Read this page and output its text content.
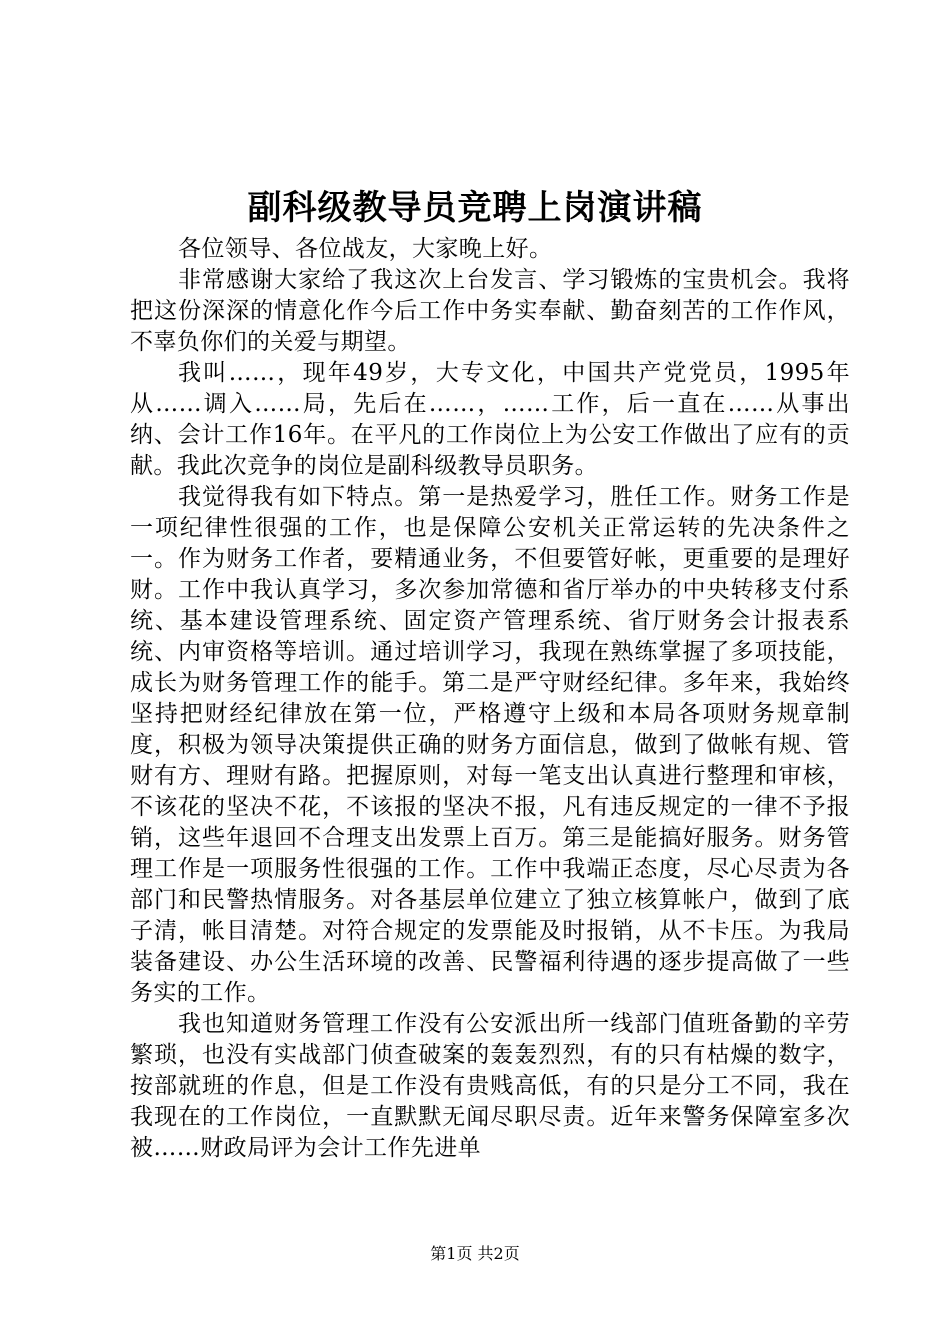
副科级教导员竞聘上岗演讲稿

各位领导、各位战友，大家晚上好。

非常感谢大家给了我这次上台发言、学习锻炼的宝贵机会。我将把这份深深的情意化作今后工作中务实奉献、勤奋刻苦的工作作风，不辜负你们的关爱与期望。

我叫……，现年49岁，大专文化，中国共产党党员，1995年从……调入……局，先后在……，……工作，后一直在……从事出纳、会计工作16年。在平凡的工作岗位上为公安工作做出了应有的贡献。我此次竞争的岗位是副科级教导员职务。

我觉得我有如下特点。第一是热爱学习，胜任工作。财务工作是一项纪律性很强的工作，也是保障公安机关正常运转的先决条件之一。作为财务工作者，要精通业务，不但要管好帐，更重要的是理好财。工作中我认真学习，多次参加常德和省厅举办的中央转移支付系统、基本建设管理系统、固定资产管理系统、省厅财务会计报表系统、内审资格等培训。通过培训学习，我现在熟练掌握了多项技能，成长为财务管理工作的能手。第二是严守财经纪律。多年来，我始终坚持把财经纪律放在第一位，严格遵守上级和本局各项财务规章制度，积极为领导决策提供正确的财务方面信息，做到了做帐有规、管财有方、理财有路。把握原则，对每一笔支出认真进行整理和审核，不该花的坚决不花，不该报的坚决不报，凡有违反规定的一律不予报销，这些年退回不合理支出发票上百万。第三是能搞好服务。财务管理工作是一项服务性很强的工作。工作中我端正态度，尽心尽责为各部门和民警热情服务。对各基层单位建立了独立核算帐户，做到了底子清，帐目清楚。对符合规定的发票能及时报销，从不卡压。为我局装备建设、办公生活环境的改善、民警福利待遇的逐步提高做了一些务实的工作。

我也知道财务管理工作没有公安派出所一线部门值班备勤的辛劳繁琐，也没有实战部门侦查破案的轰轰烈烈，有的只有枯燥的数字，按部就班的作息，但是工作没有贵贱高低，有的只是分工不同，我在我现在的工作岗位，一直默默无闻尽职尽责。近年来警务保障室多次被……财政局评为会计工作先进单

第1页 共2页
